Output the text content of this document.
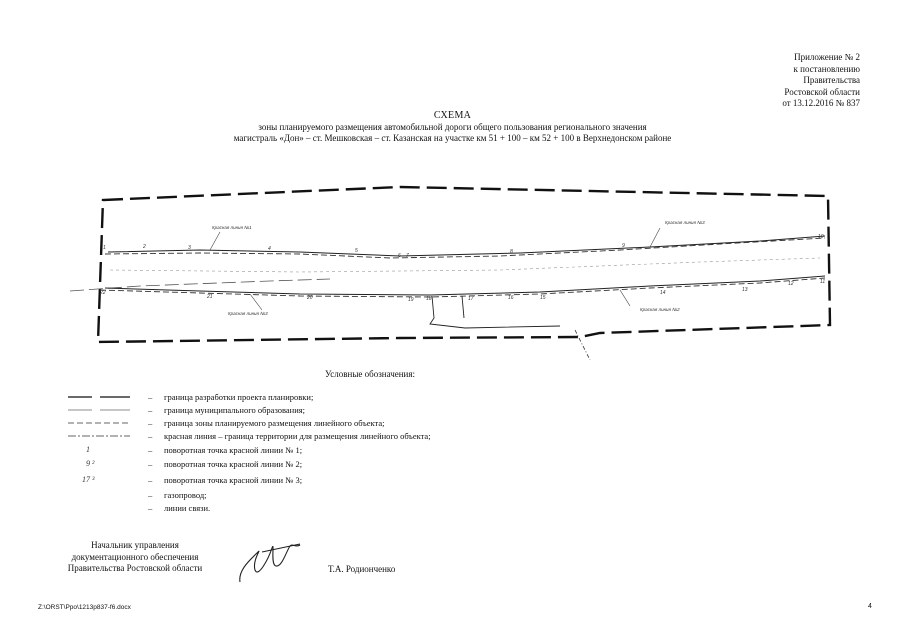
Приложение № 2
к постановлению
Правительства
Ростовской области
от 13.12.2016 № 837
СХЕМА
зоны планируемого размещения автомобильной дороги общего пользования регионального значения
магистраль «Дон» – ст. Мешковская – ст. Казанская на участке км 51 + 100 – км 52 + 100 в Верхнедонском районе
Красная линия №1
Красная линия №3
Красная линия №2
Красная линия №3
1	2	3	4	5
6 7
8
9
10
11
12
13
14
15
16
17
18
19
20
21
22
Условные обозначения:
– граница разработки проекта планировки;
– граница муниципального образования;
– граница зоны планируемого размещения линейного объекта;
– красная линия – граница территории для размещения линейного объекта;
1	– поворотная точка красной линии № 1;
9 ²	– поворотная точка красной линии № 2;
17 ³	– поворотная точка красной линии № 3;
– газопровод;
– линии связи.
Начальник управления
документационного обеспечения
Правительства Ростовской области	Т.А. Родионченко
Z:\ORST\Ppo\1213p837-f6.docx	4
